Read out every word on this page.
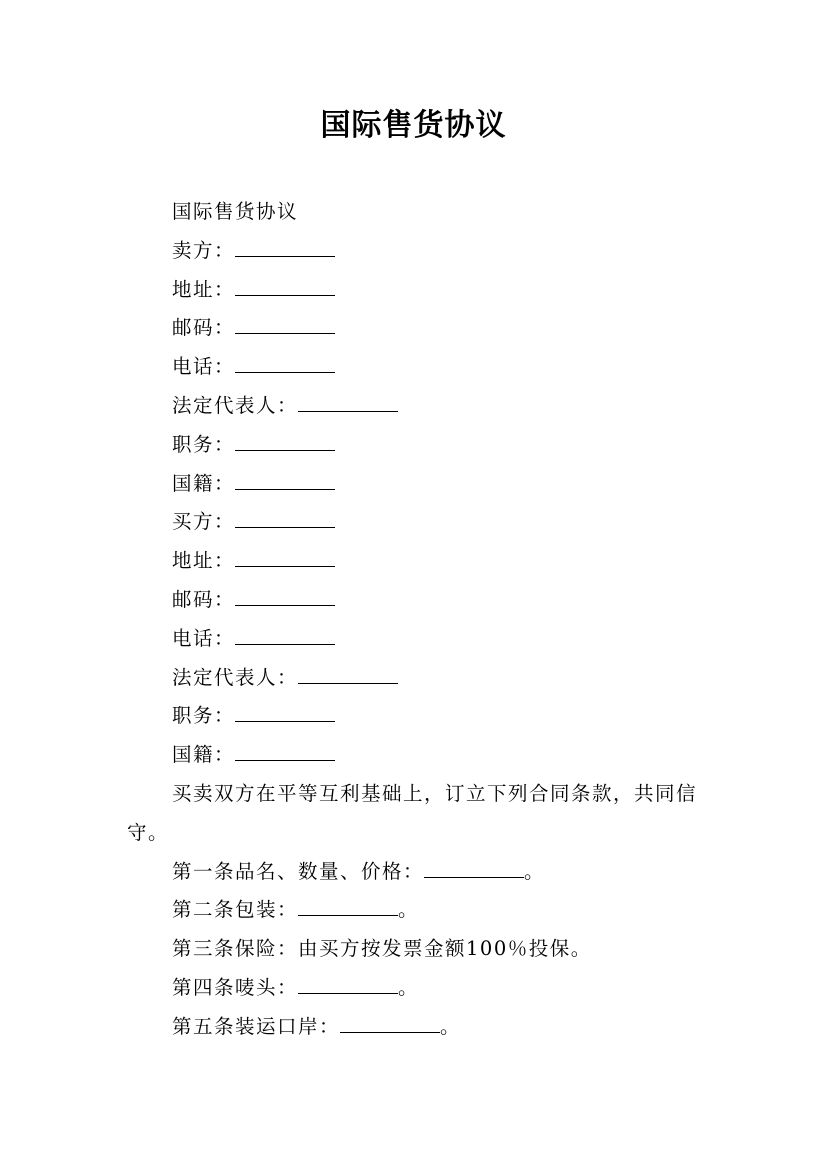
国际售货协议
国际售货协议
卖方：
地址：
邮码：
电话：
法定代表人：
职务：
国籍：
买方：
地址：
邮码：
电话：
法定代表人：
职务：
国籍：
买卖双方在平等互利基础上，订立下列合同条款，共同信守。
第一条品名、数量、价格：	。
第二条包装：	。
第三条保险：由买方按发票金额100％投保。
第四条唛头：	。
第五条装运口岸：	。
